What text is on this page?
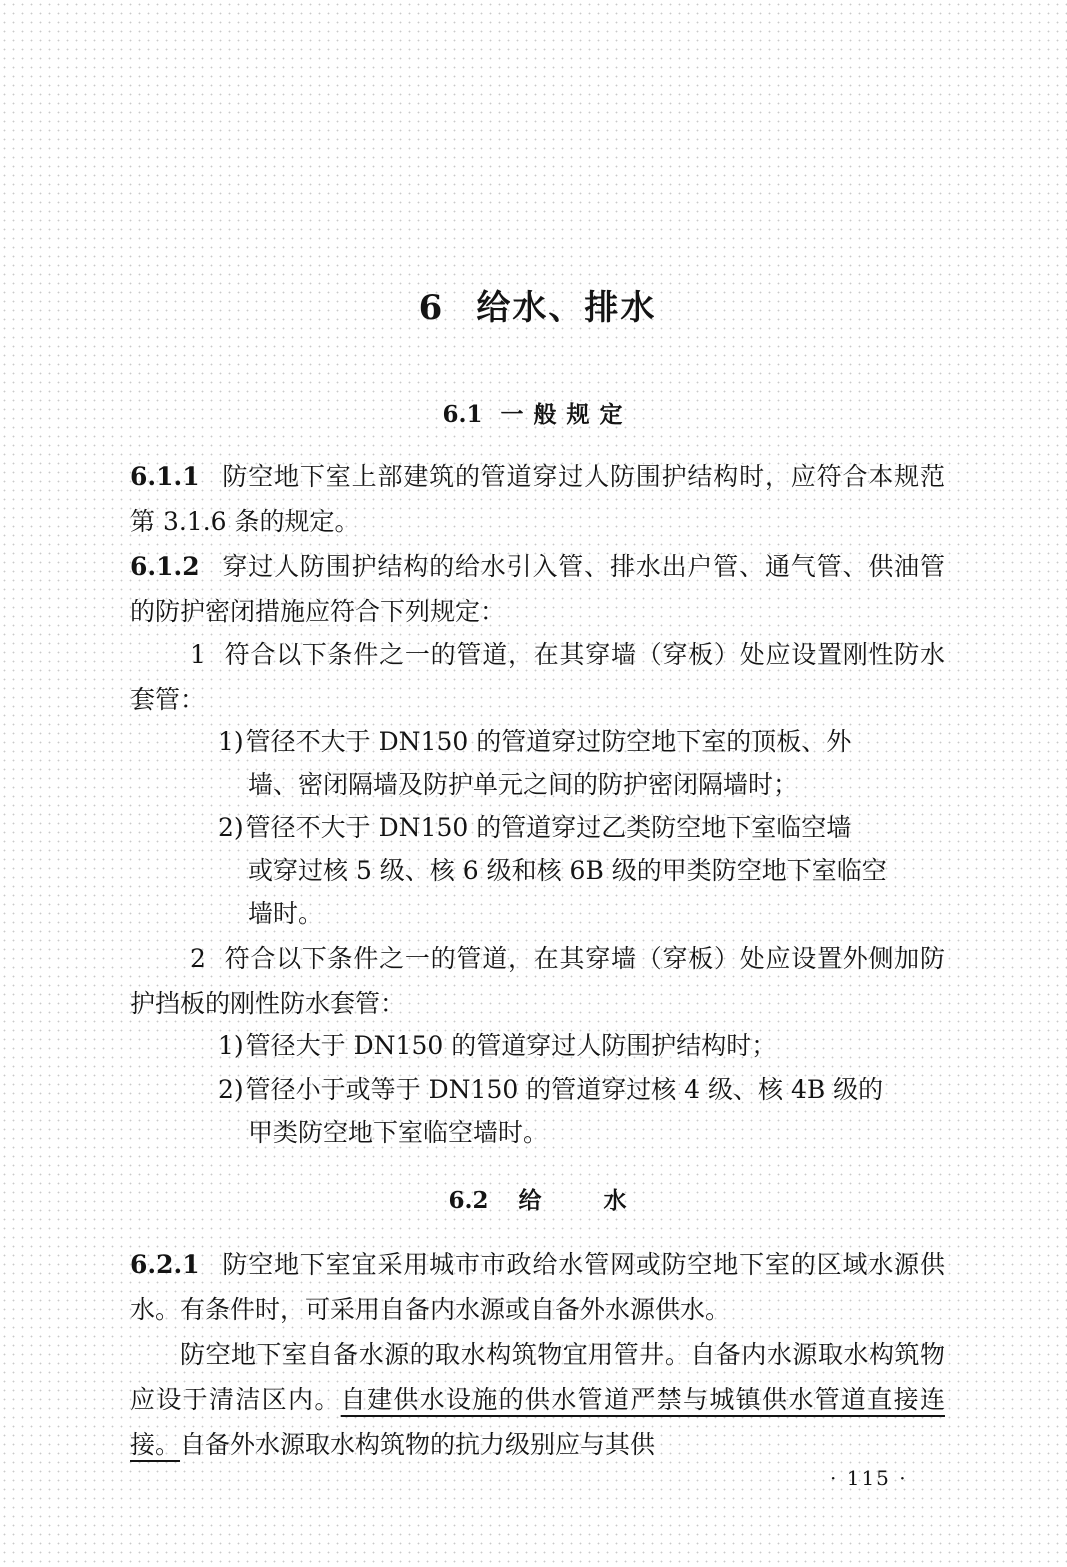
6 给水、排水
6.1 一般规定

6.1.1 防空地下室上部建筑的管道穿过人防围护结构时，应符合本规范第 3.1.6 条的规定。

6.1.2 穿过人防围护结构的给水引入管、排水出户管、通气管、供油管的防护密闭措施应符合下列规定：

1 符合以下条件之一的管道，在其穿墙（穿板）处应设置刚性防水套管：

1)管径不大于 DN150 的管道穿过防空地下室的顶板、外
墙、密闭隔墙及防护单元之间的防护密闭隔墙时；
2)管径不大于 DN150 的管道穿过乙类防空地下室临空墙
或穿过核 5 级、核 6 级和核 6B 级的甲类防空地下室临空
墙时。

2 符合以下条件之一的管道，在其穿墙（穿板）处应设置外侧加防护挡板的刚性防水套管：

1)管径大于 DN150 的管道穿过人防围护结构时；
2)管径小于或等于 DN150 的管道穿过核 4 级、核 4B 级的
甲类防空地下室临空墙时。
6.2 给	水

6.2.1 防空地下室宜采用城市市政给水管网或防空地下室的区域水源供水。有条件时，可采用自备内水源或自备外水源供水。

防空地下室自备水源的取水构筑物宜用管井。自备内水源取水构筑物应设于清洁区内。自建供水设施的供水管道严禁与城镇供水管道直接连接。自备外水源取水构筑物的抗力级别应与其供

· 115 ·
